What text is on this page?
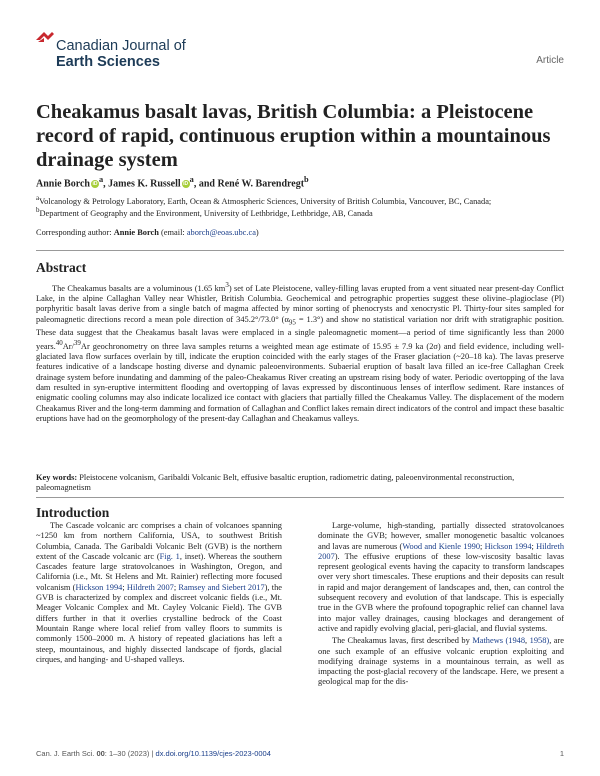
Canadian Journal of
Earth Sciences	Article
Cheakamus basalt lavas, British Columbia: a Pleistocene record of rapid, continuous eruption within a mountainous drainage system
Annie Borch $iD^a$, James K. Russell $iD^a$, and René W. Barendregt$^b$
$^a$Volcanology & Petrology Laboratory, Earth, Ocean & Atmospheric Sciences, University of British Columbia, Vancouver, BC, Canada;
$^b$Department of Geography and the Environment, University of Lethbridge, Lethbridge, AB, Canada
Corresponding author: Annie Borch (email: aborch@eoas.ubc.ca)
Abstract

The Cheakamus basalts are a voluminous (1.65 $km^3$) set of Late Pleistocene, valley-filling lavas erupted from a vent situated near present-day Conflict Lake, in the alpine Callaghan Valley near Whistler, British Columbia. Geochemical and petrographic properties suggest these olivine–plagioclase (Pl) porphyritic basalt lavas derive from a single batch of magma affected by minor sorting of phenocrysts and xenocrystic Pl. Thirty-four sites sampled for paleomagnetic directions record a mean pole direction of 345.2°/73.0° $(\alpha_{95} = 1.3^\circ)$ and show no statistical variation nor drift with stratigraphic position. These data suggest that the Cheakamus basalt lavas were emplaced in a single paleomagnetic moment—a period of time significantly less than 2000 years.$^{40}$Ar/$^{39}$Ar geochronometry on three lava samples returns a weighted mean age estimate of 15.95 ± 7.9 ka (2σ) and field evidence, including well-glaciated lava flow surfaces overlain by till, indicate the eruption coincided with the early stages of the Fraser glaciation (~20–18 ka). The lavas preserve features indicative of a landscape hosting diverse and dynamic paleoenvironments. Subaerial eruption of basalt lava filled an ice-free Callaghan Creek drainage system before inundating and damming of the paleo-Cheakamus River creating an upstream rising body of water. Periodic overtopping of the lava dam resulted in syn-eruptive intermittent flooding and overtopping of lavas expressed by discontinuous lenses of interflow sediment. Rare instances of enigmatic cooling columns may also indicate localized ice contact with glaciers that partially filled the Cheakamus Valley. The displacement of the modern Cheakamus River and the long-term damming and formation of Callaghan and Conflict lakes remain direct indicators of the control and impact these basaltic eruptions have had on the geomorphology of the present-day Callaghan and Cheakamus valleys.

Key words: Pleistocene volcanism, Garibaldi Volcanic Belt, effusive basaltic eruption, radiometric dating, paleoenvironmental reconstruction, paleomagnetism

Introduction

The Cascade volcanic arc comprises a chain of volcanoes spanning ~1250 km from northern California, USA, to southwest British Columbia, Canada. The Garibaldi Volcanic Belt (GVB) is the northern extent of the Cascade volcanic arc (Fig. 1, inset). Whereas the southern Cascades feature large stratovolcanoes in Washington, Oregon, and California (i.e., Mt. St Helens and Mt. Rainier) reflecting more focused volcanism (Hickson 1994; Hildreth 2007; Ramsey and Siebert 2017), the GVB is characterized by complex and discreet volcanic fields (i.e., Mt. Meager Volcanic Complex and Mt. Cayley Volcanic Field). The GVB differs further in that it overlies crystalline bedrock of the Coast Mountain Range where local relief from valley floors to summits is commonly 1500–2000 m. A history of repeated glaciations has left a steep, mountainous, and highly dissected landscape of fjords, glacial cirques, and hanging- and U-shaped valleys.

Large-volume, high-standing, partially dissected stratovolcanoes dominate the GVB; however, smaller monogenetic basaltic volcanoes and lavas are numerous (Wood and Kienle 1990; Hickson 1994; Hildreth 2007). The effusive eruptions of these low-viscosity basaltic lavas represent geological events having the capacity to transform landscapes over very short timescales. These eruptions and their deposits can result in rapid and major derangement of landscapes and, then, can control the subsequent recovery and evolution of that landscape. This is especially true in the GVB where the profound topographic relief can channel lava into major valley drainages, causing blockages and derangement of active and rapidly evolving glacial, peri-glacial, and fluvial systems.

The Cheakamus lavas, first described by Mathews (1948, 1958), are one such example of an effusive volcanic eruption exploiting and modifying drainage systems in a mountainous terrain, as well as impacting the post-glacial recovery of the landscape. Here, we present a geological map for the dis-

Can. J. Earth Sci. 00: 1–30 (2023) | dx.doi.org/10.1139/cjes-2023-0004	1
